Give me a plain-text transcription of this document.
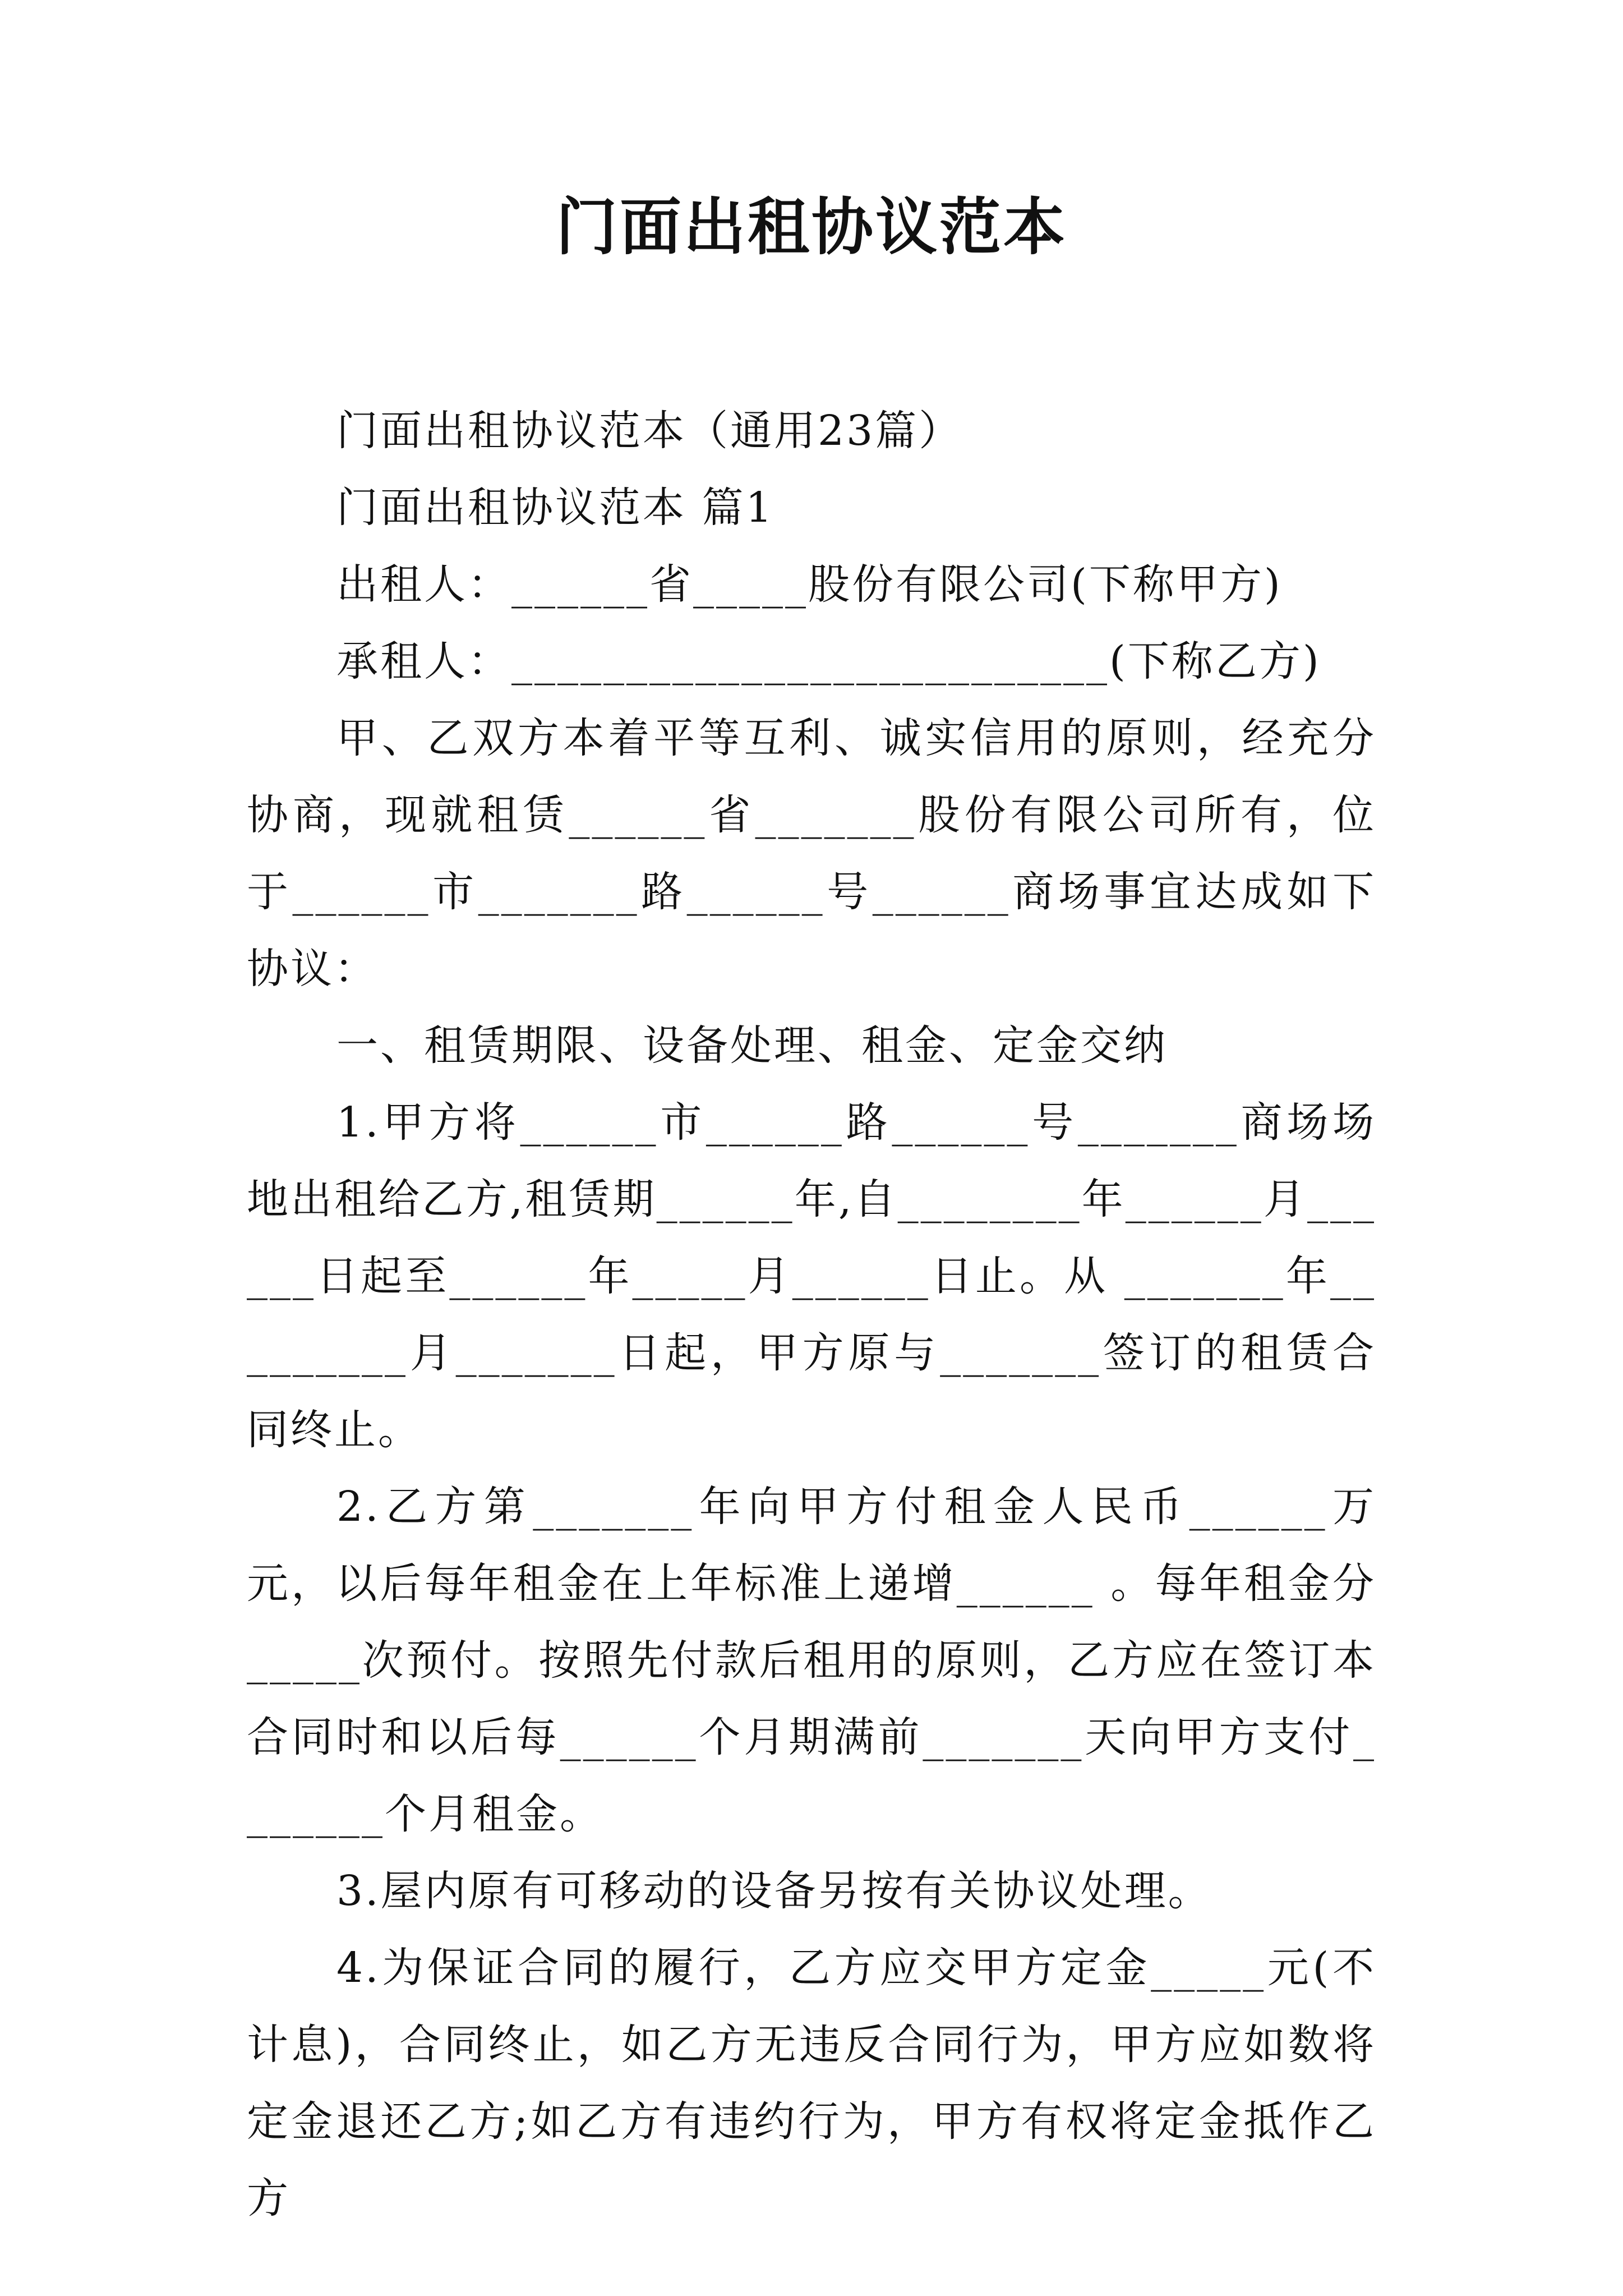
门面出租协议范本

门面出租协议范本（通用23篇）

门面出租协议范本 篇1

出租人：______省_____股份有限公司(下称甲方)

承租人：__________________________(下称乙方)

甲、乙双方本着平等互利、诚实信用的原则，经充分协商，现就租赁______省_______股份有限公司所有，位于______市_______路______号______商场事宜达成如下协议：

一、租赁期限、设备处理、租金、定金交纳

1.甲方将______市______路______号_______商场场地出租给乙方,租赁期______年,自________年______月______日起至______年_____月______日止。从 _______年_________月_______日起，甲方原与_______签订的租赁合同终止。

2.乙方第_______年向甲方付租金人民币______万元，以后每年租金在上年标准上递增______ 。每年租金分_____次预付。按照先付款后租用的原则，乙方应在签订本合同时和以后每______个月期满前_______天向甲方支付_______个月租金。

3.屋内原有可移动的设备另按有关协议处理。

4.为保证合同的履行，乙方应交甲方定金_____元(不计息)，合同终止，如乙方无违反合同行为，甲方应如数将定金退还乙方;如乙方有违约行为，甲方有权将定金抵作乙方
